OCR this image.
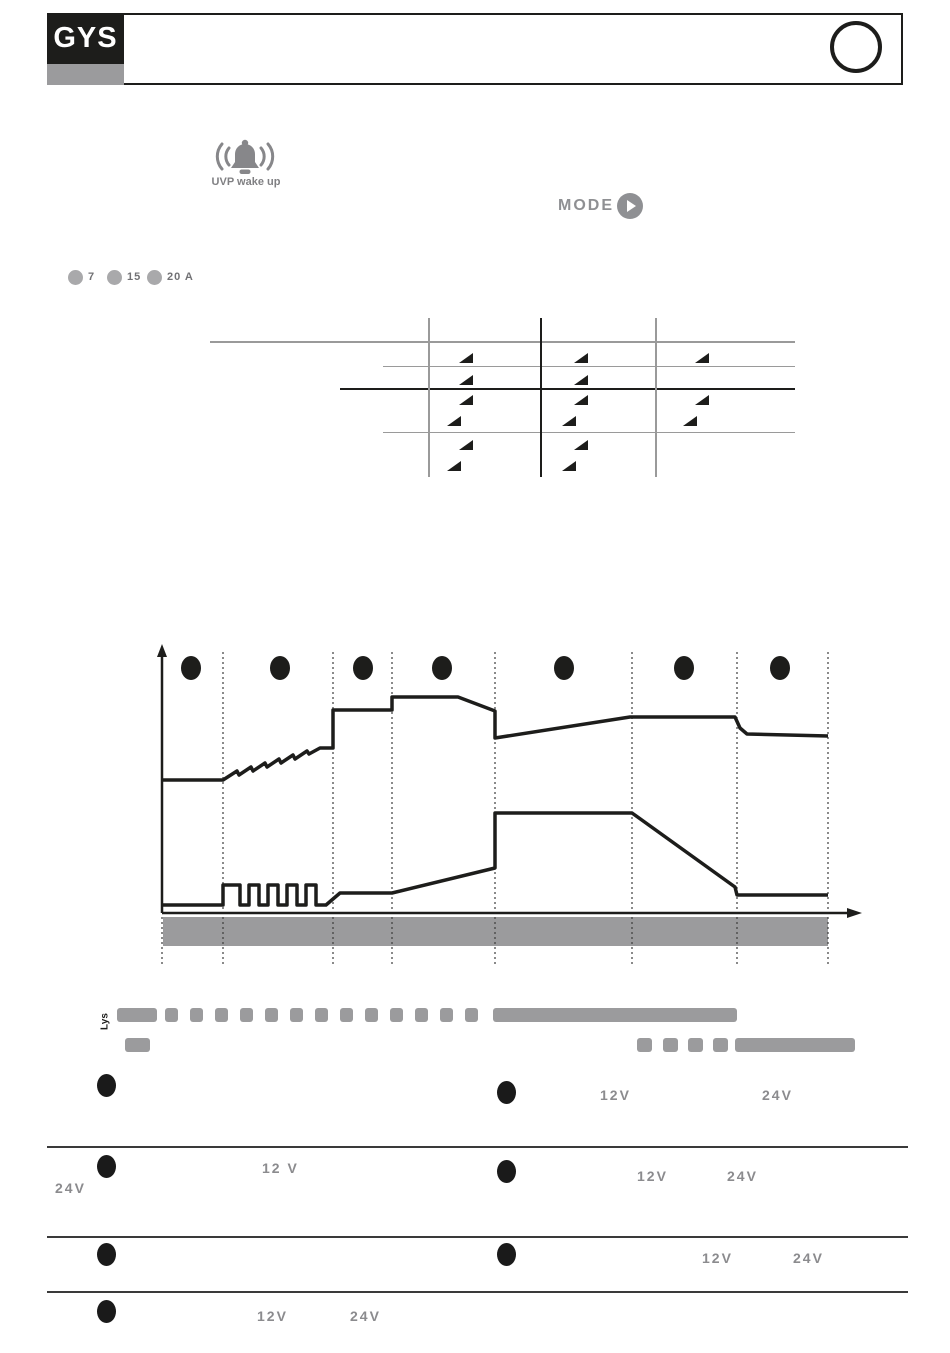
GYS
UVP wake up
MODE
7	15 20 A
Lys
12V	24V
12 V
24V
12V	24V
12V	24V
12V	24V
